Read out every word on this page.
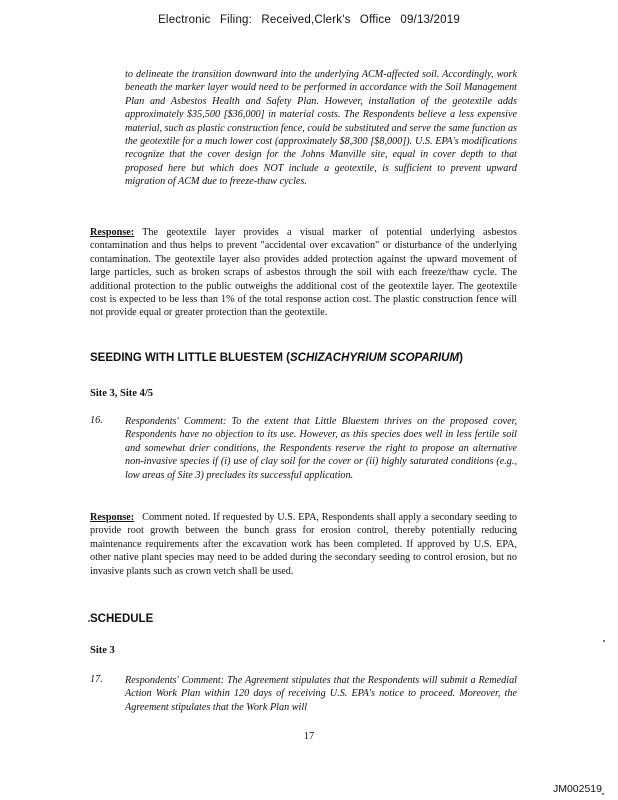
Electronic Filing: Received,Clerk's Office 09/13/2019
to delineate the transition downward into the underlying ACM-affected soil. Accordingly, work beneath the marker layer would need to be performed in accordance with the Soil Management Plan and Asbestos Health and Safety Plan. However, installation of the geotextile adds approximately $35,500 [$36,000] in material costs. The Respondents believe a less expensive material, such as plastic construction fence, could be substituted and serve the same function as the geotextile for a much lower cost (approximately $8,300 [$8,000]). U.S. EPA's modifications recognize that the cover design for the Johns Manville site, equal in cover depth to that proposed here but which does NOT include a geotextile, is sufficient to prevent upward migration of ACM due to freeze-thaw cycles.
Response: The geotextile layer provides a visual marker of potential underlying asbestos contamination and thus helps to prevent "accidental over excavation" or disturbance of the underlying contamination. The geotextile layer also provides added protection against the upward movement of large particles, such as broken scraps of asbestos through the soil with each freeze/thaw cycle. The additional protection to the public outweighs the additional cost of the geotextile layer. The geotextile cost is expected to be less than 1% of the total response action cost. The plastic construction fence will not provide equal or greater protection than the geotextile.
SEEDING WITH LITTLE BLUESTEM (SCHIZACHYRIUM SCOPARIUM)
Site 3, Site 4/5
16. Respondents' Comment: To the extent that Little Bluestem thrives on the proposed cover, Respondents have no objection to its use. However, as this species does well in less fertile soil and somewhat drier conditions, the Respondents reserve the right to propose an alternative non-invasive species if (i) use of clay soil for the cover or (ii) highly saturated conditions (e.g., low areas of Site 3) precludes its successful application.
Response: Comment noted. If requested by U.S. EPA, Respondents shall apply a secondary seeding to provide root growth between the bunch grass for erosion control, thereby potentially reducing maintenance requirements after the excavation work has been completed. If approved by U.S. EPA, other native plant species may need to be added during the secondary seeding to control erosion, but no invasive plants such as crown vetch shall be used.
SCHEDULE
Site 3
17. Respondents' Comment: The Agreement stipulates that the Respondents will submit a Remedial Action Work Plan within 120 days of receiving U.S. EPA's notice to proceed. Moreover, the Agreement stipulates that the Work Plan will
17
JM002519
